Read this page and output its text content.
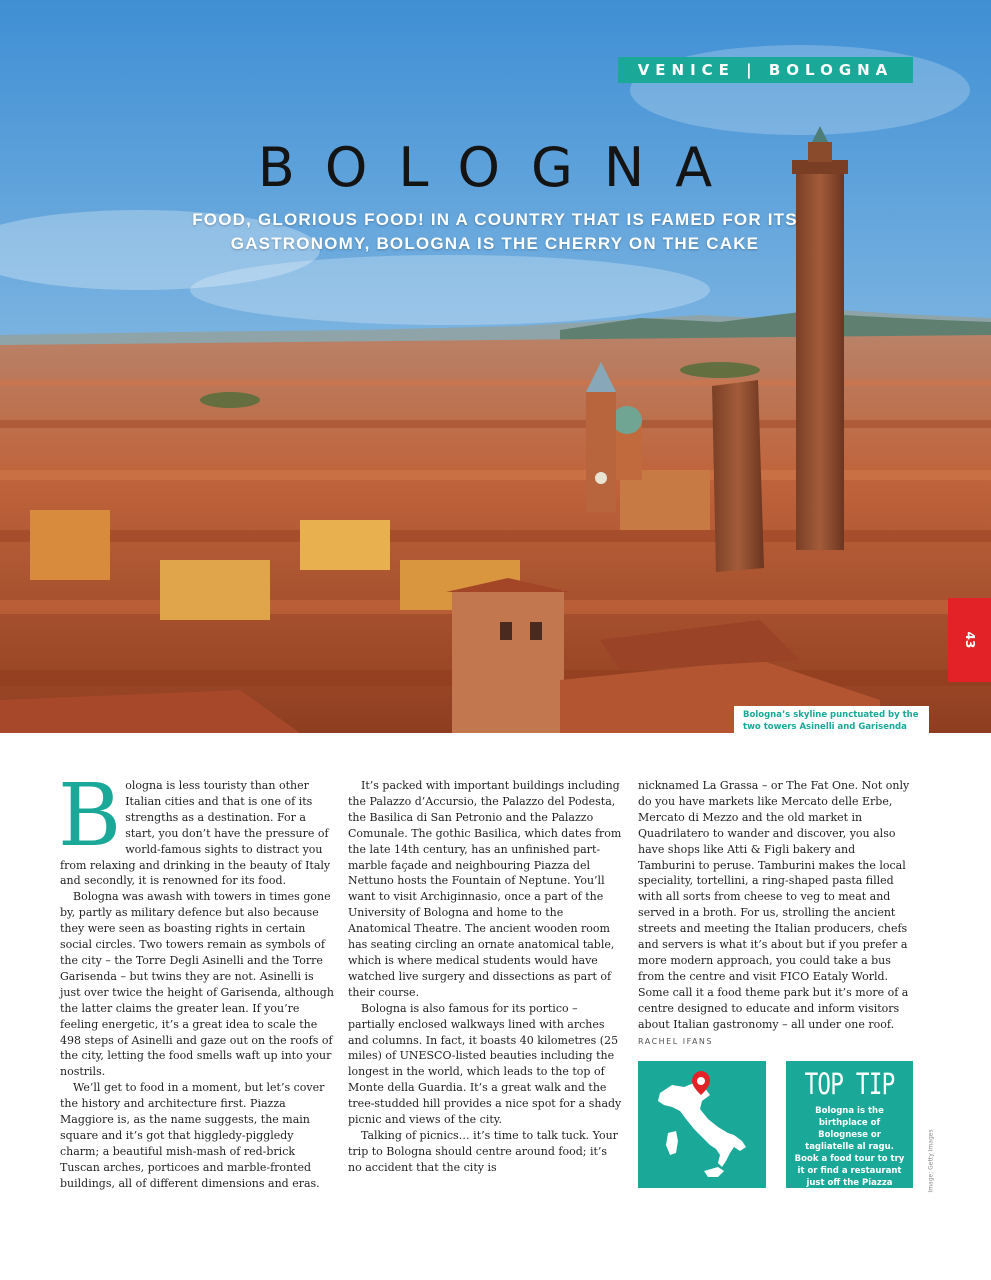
VENICE | BOLOGNA
BOLOGNA
FOOD, GLORIOUS FOOD! IN A COUNTRY THAT IS FAMED FOR ITS GASTRONOMY, BOLOGNA IS THE CHERRY ON THE CAKE
43
Bologna’s skyline punctuated by the two towers Asinelli and Garisenda

Bologna is less touristy than other Italian cities and that is one of its strengths as a destination. For a start, you don’t have the pressure of world-famous sights to distract you from relaxing and drinking in the beauty of Italy and secondly, it is renowned for its food.

Bologna was awash with towers in times gone by, partly as military defence but also because they were seen as boasting rights in certain social circles. Two towers remain as symbols of the city – the Torre Degli Asinelli and the Torre Garisenda – but twins they are not. Asinelli is just over twice the height of Garisenda, although the latter claims the greater lean. If you’re feeling energetic, it’s a great idea to scale the 498 steps of Asinelli and gaze out on the roofs of the city, letting the food smells waft up into your nostrils.

We’ll get to food in a moment, but let’s cover the history and architecture first. Piazza Maggiore is, as the name suggests, the main square and it’s got that higgledy-piggledy charm; a beautiful mish-mash of red-brick Tuscan arches, porticoes and marble-fronted buildings, all of different dimensions and eras.

It’s packed with important buildings including the Palazzo d’Accursio, the Palazzo del Podesta, the Basilica di San Petronio and the Palazzo Comunale. The gothic Basilica, which dates from the late 14th century, has an unfinished part-marble façade and neighbouring Piazza del Nettuno hosts the Fountain of Neptune. You’ll want to visit Archiginnasio, once a part of the University of Bologna and home to the Anatomical Theatre. The ancient wooden room has seating circling an ornate anatomical table, which is where medical students would have watched live surgery and dissections as part of their course.

Bologna is also famous for its portico – partially enclosed walkways lined with arches and columns. In fact, it boasts 40 kilometres (25 miles) of UNESCO-listed beauties including the longest in the world, which leads to the top of Monte della Guardia. It’s a great walk and the tree-studded hill provides a nice spot for a shady picnic and views of the city.

Talking of picnics… it’s time to talk tuck. Your trip to Bologna should centre around food; it’s no accident that the city is

nicknamed La Grassa – or The Fat One. Not only do you have markets like Mercato delle Erbe, Mercato di Mezzo and the old market in Quadrilatero to wander and discover, you also have shops like Atti & Figli bakery and Tamburini to peruse. Tamburini makes the local speciality, tortellini, a ring-shaped pasta filled with all sorts from cheese to veg to meat and served in a broth. For us, strolling the ancient streets and meeting the Italian producers, chefs and servers is what it’s about but if you prefer a more modern approach, you could take a bus from the centre and visit FICO Eataly World. Some call it a food theme park but it’s more of a centre designed to educate and inform visitors about Italian gastronomy – all under one roof. RACHEL IFANS

TOP TIP
Bologna is the birthplace of Bolognese or tagliatelle al ragu. Book a food tour to try it or find a restaurant just off the Piazza Maggiore.
Image: Getty Images
